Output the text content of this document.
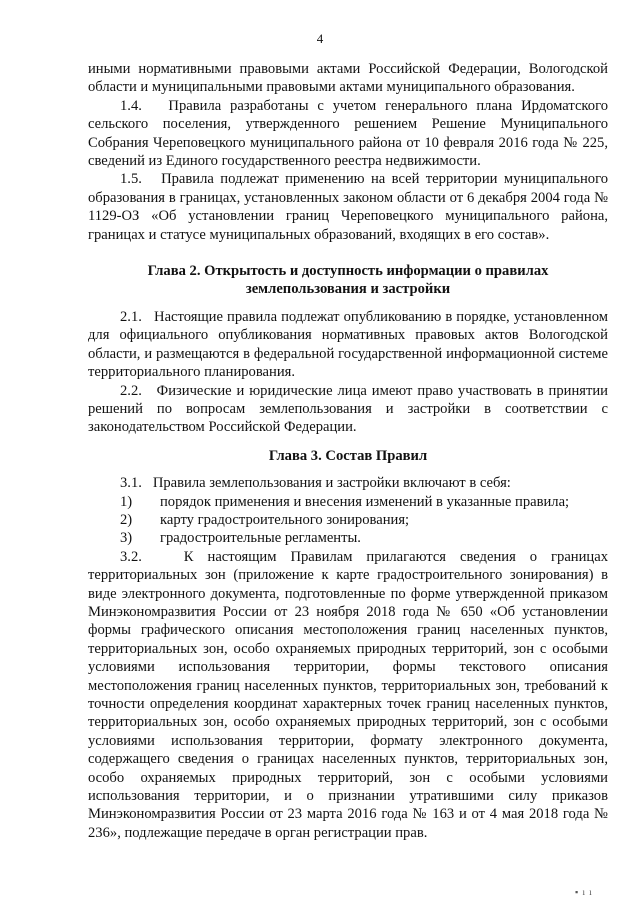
4

иными нормативными правовыми актами Российской Федерации, Вологодской области и муниципальными правовыми актами муниципального образования.

1.4.   Правила разработаны с учетом генерального плана Ирдоматского сельского поселения, утвержденного решением Решение Муниципального Собрания Череповецкого муниципального района от 10 февраля 2016 года № 225, сведений из Единого государственного реестра недвижимости.

1.5.   Правила подлежат применению на всей территории муниципального образования в границах, установленных законом области от 6 декабря 2004 года № 1129-ОЗ «Об установлении границ Череповецкого муниципального района, границах и статусе муниципальных образований, входящих в его состав».

Глава 2. Открытость и доступность информации о правилах
землепользования и застройки

2.1.   Настоящие правила подлежат опубликованию в порядке, установленном для официального опубликования нормативных правовых актов Вологодской области, и размещаются в федеральной государственной информационной системе территориального планирования.

2.2.   Физические и юридические лица имеют право участвовать в принятии решений по вопросам землепользования и застройки в соответствии с законодательством Российской Федерации.

Глава 3. Состав Правил

3.1.   Правила землепользования и застройки включают в себя:

1)	порядок применения и внесения изменений в указанные правила;
2)	карту градостроительного зонирования;
3)	градостроительные регламенты.

3.2.   К настоящим Правилам прилагаются сведения о границах территориальных зон (приложение к карте градостроительного зонирования) в виде электронного документа, подготовленные по форме утвержденной приказом Минэкономразвития России от 23 ноября 2018 года № 650 «Об установлении формы графического описания местоположения границ населенных пунктов, территориальных зон, особо охраняемых природных территорий, зон с особыми условиями использования территории, формы текстового описания местоположения границ населенных пунктов, территориальных зон, требований к точности определения координат характерных точек границ населенных пунктов, территориальных зон, особо охраняемых природных территорий, зон с особыми условиями использования территории, формату электронного документа, содержащего сведения о границах населенных пунктов, территориальных зон, особо охраняемых природных территорий, зон с особыми условиями использования территории, и о признании утратившими силу приказов Минэкономразвития России от 23 марта 2016 года № 163 и от 4 мая 2018 года № 236», подлежащие передаче в орган регистрации прав.

▪ ı ı
